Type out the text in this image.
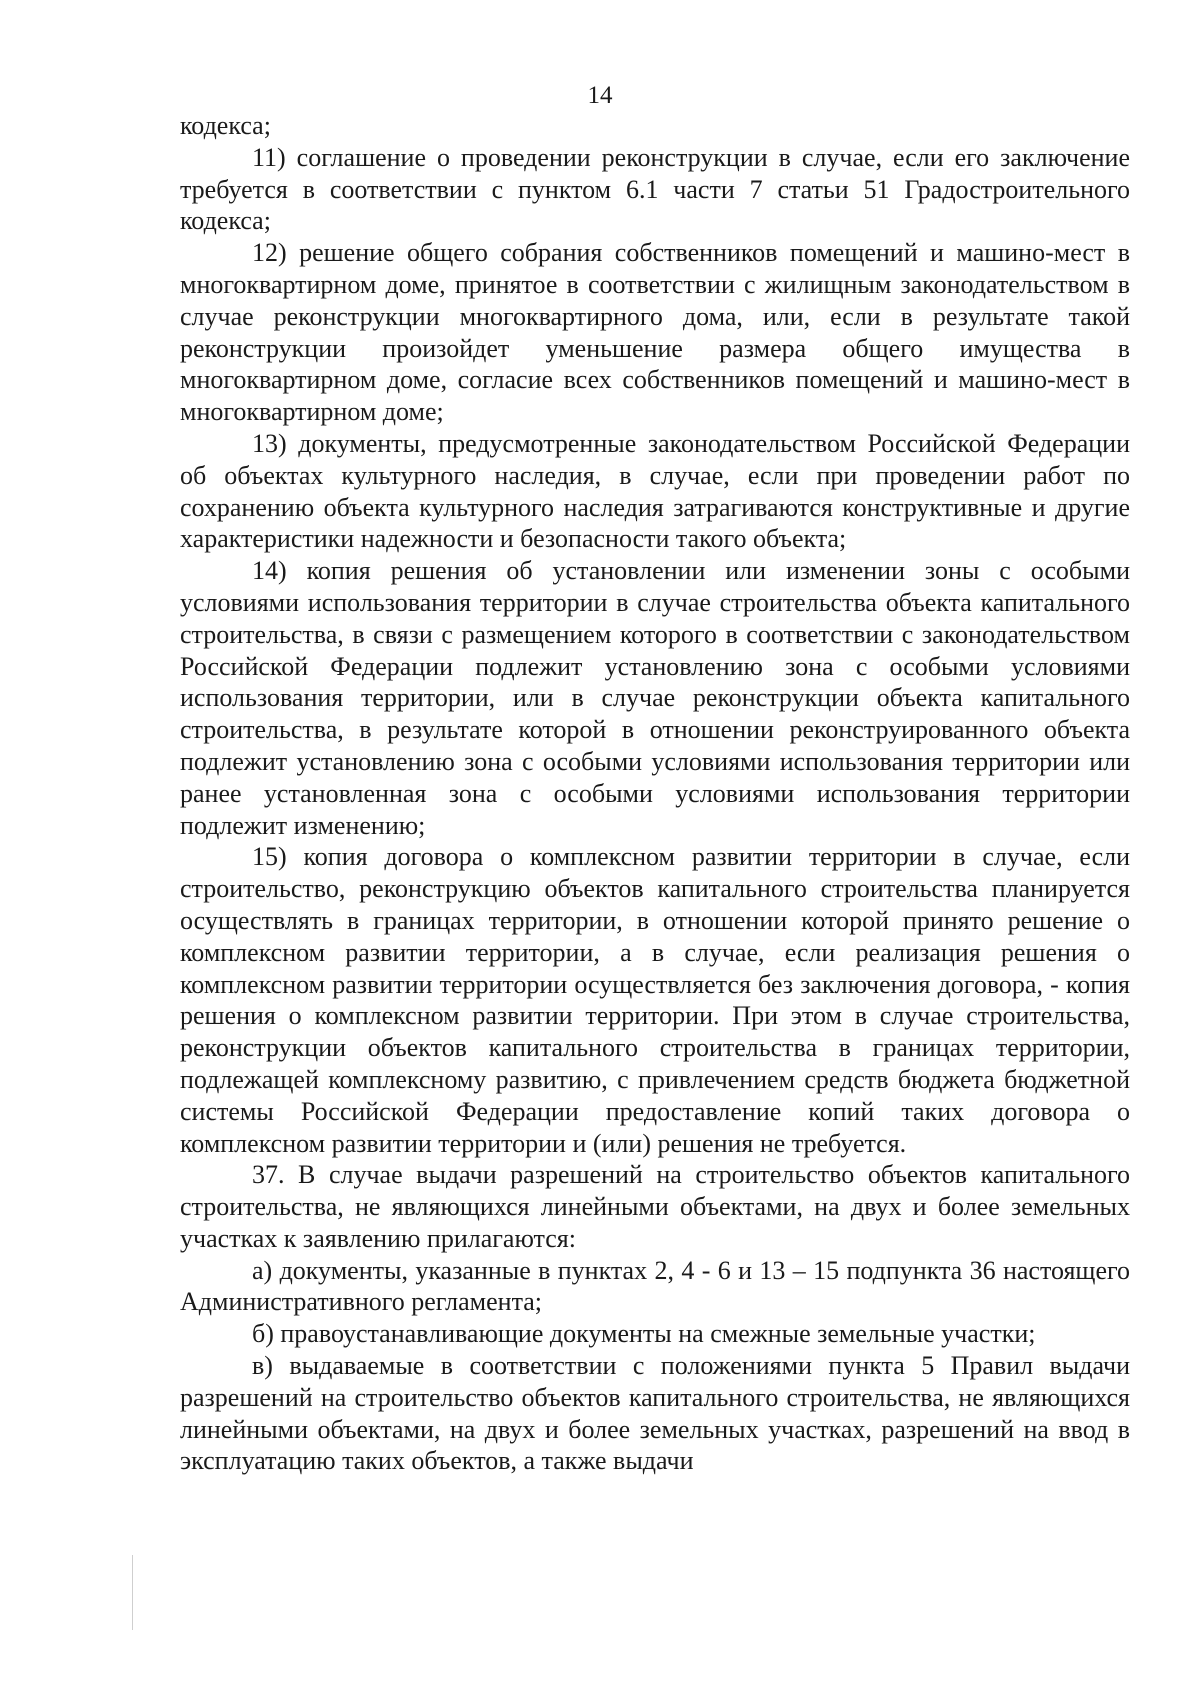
14

кодекса;

11) соглашение о проведении реконструкции в случае, если его заключение требуется в соответствии с пунктом 6.1 части 7 статьи 51 Градостроительного кодекса;

12) решение общего собрания собственников помещений и машино-мест в многоквартирном доме, принятое в соответствии с жилищным законодательством в случае реконструкции многоквартирного дома, или, если в результате такой реконструкции произойдет уменьшение размера общего имущества в многоквартирном доме, согласие всех собственников помещений и машино-мест в многоквартирном доме;

13) документы, предусмотренные законодательством Российской Федерации об объектах культурного наследия, в случае, если при проведении работ по сохранению объекта культурного наследия затрагиваются конструктивные и другие характеристики надежности и безопасности такого объекта;

14) копия решения об установлении или изменении зоны с особыми условиями использования территории в случае строительства объекта капитального строительства, в связи с размещением которого в соответствии с законодательством Российской Федерации подлежит установлению зона с особыми условиями использования территории, или в случае реконструкции объекта капитального строительства, в результате которой в отношении реконструированного объекта подлежит установлению зона с особыми условиями использования территории или ранее установленная зона с особыми условиями использования территории подлежит изменению;

15) копия договора о комплексном развитии территории в случае, если строительство, реконструкцию объектов капитального строительства планируется осуществлять в границах территории, в отношении которой принято решение о комплексном развитии территории, а в случае, если реализация решения о комплексном развитии территории осуществляется без заключения договора, - копия решения о комплексном развитии территории. При этом в случае строительства, реконструкции объектов капитального строительства в границах территории, подлежащей комплексному развитию, с привлечением средств бюджета бюджетной системы Российской Федерации предоставление копий таких договора о комплексном развитии территории и (или) решения не требуется.

37. В случае выдачи разрешений на строительство объектов капитального строительства, не являющихся линейными объектами, на двух и более земельных участках к заявлению прилагаются:

а) документы, указанные в пунктах 2, 4 - 6 и 13 – 15 подпункта 36 настоящего Административного регламента;

б) правоустанавливающие документы на смежные земельные участки;

в) выдаваемые в соответствии с положениями пункта 5 Правил выдачи разрешений на строительство объектов капитального строительства, не являющихся линейными объектами, на двух и более земельных участках, разрешений на ввод в эксплуатацию таких объектов, а также выдачи
